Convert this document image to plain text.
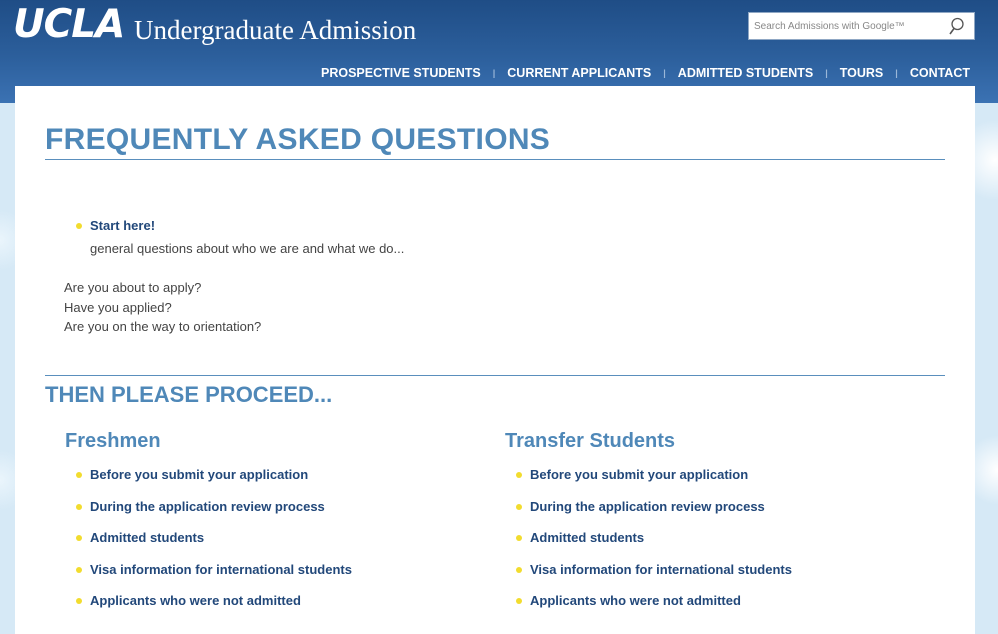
UCLA Undergraduate Admission
Search Admissions with Google™
PROSPECTIVE STUDENTS | CURRENT APPLICANTS | ADMITTED STUDENTS | TOURS | CONTACT
FREQUENTLY ASKED QUESTIONS
Start here!
general questions about who we are and what we do...
Are you about to apply?
Have you applied?
Are you on the way to orientation?
THEN PLEASE PROCEED...
Freshmen	Transfer Students
Before you submit your application
During the application review process
Admitted students
Visa information for international students
Applicants who were not admitted
Before you submit your application
During the application review process
Admitted students
Visa information for international students
Applicants who were not admitted
